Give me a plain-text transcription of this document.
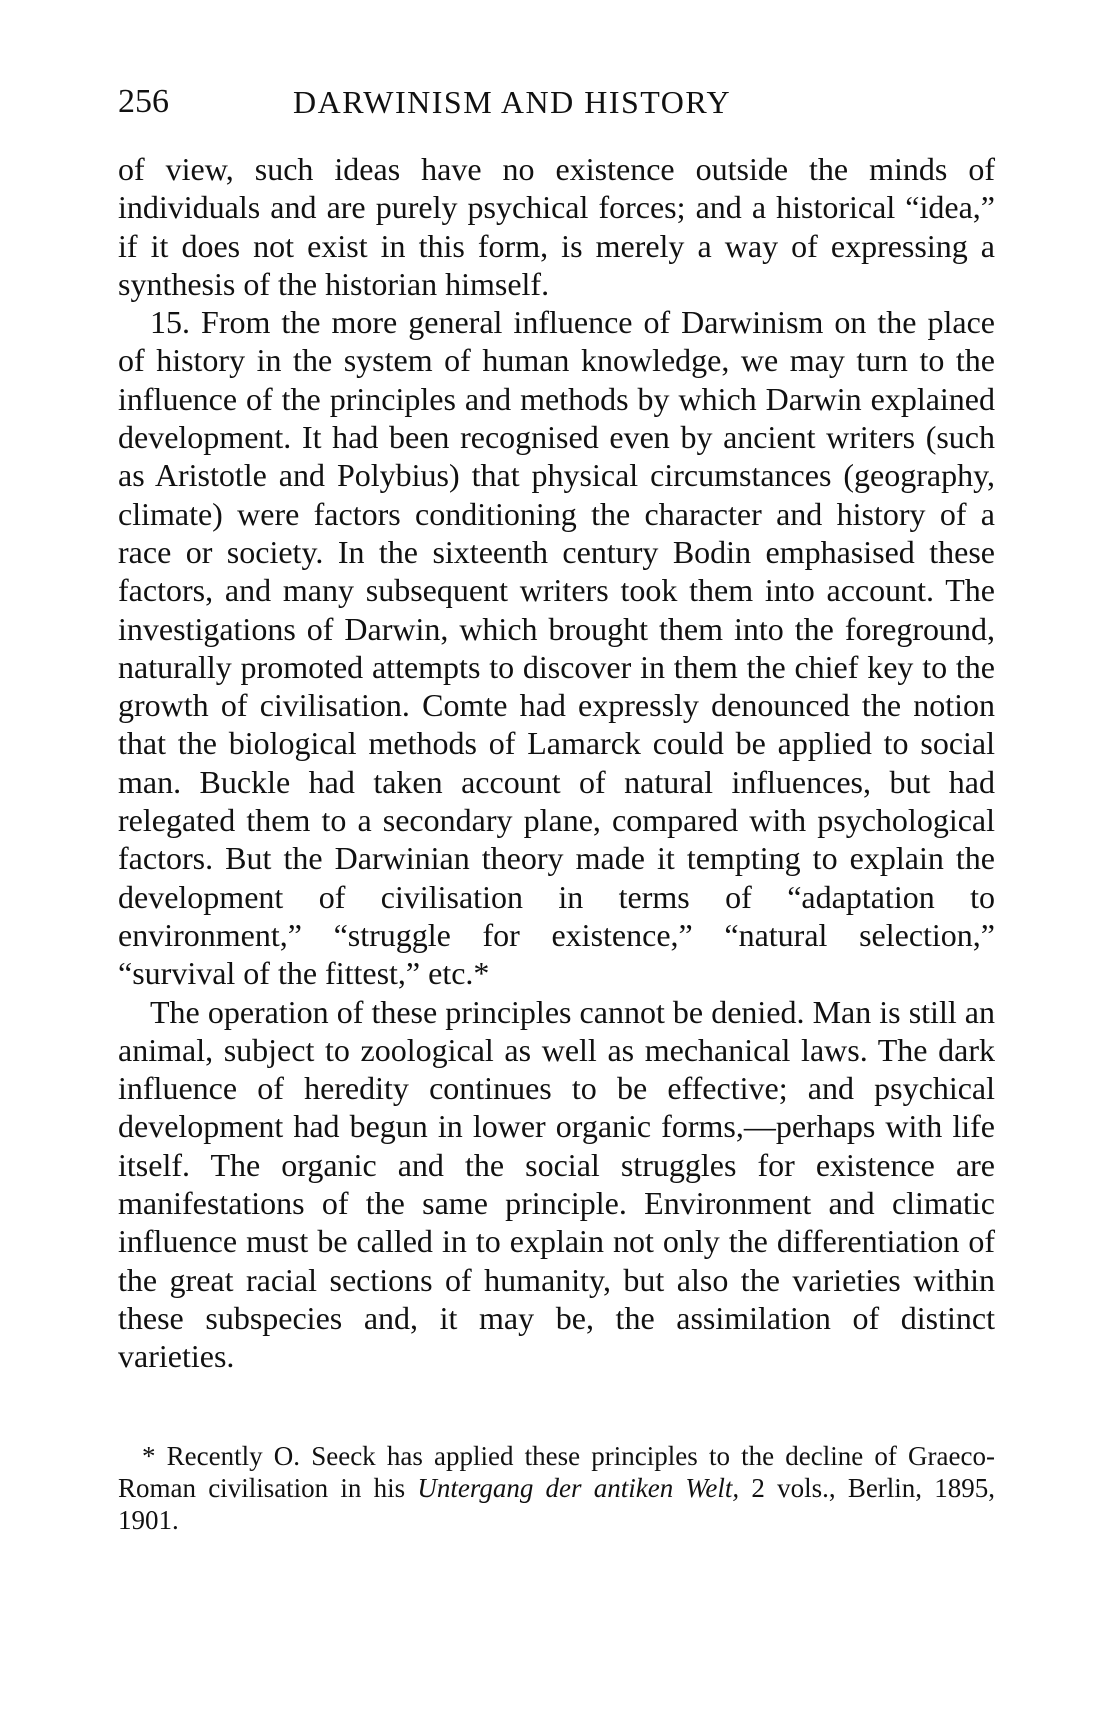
256	DARWINISM AND HISTORY

of view, such ideas have no existence outside the minds of individuals and are purely psychical forces; and a historical “idea,” if it does not exist in this form, is merely a way of expressing a synthesis of the historian himself.

15. From the more general influence of Darwinism on the place of history in the system of human knowledge, we may turn to the influence of the principles and methods by which Darwin explained development. It had been recognised even by ancient writers (such as Aristotle and Polybius) that physical circumstances (geography, climate) were factors conditioning the character and history of a race or society. In the sixteenth century Bodin emphasised these factors, and many subsequent writers took them into account. The investigations of Darwin, which brought them into the foreground, naturally promoted attempts to discover in them the chief key to the growth of civilisation. Comte had expressly denounced the notion that the biological methods of Lamarck could be applied to social man. Buckle had taken account of natural influences, but had relegated them to a secondary plane, compared with psychological factors. But the Darwinian theory made it tempting to explain the development of civilisation in terms of “adaptation to environment,” “struggle for existence,” “natural selection,” “survival of the fittest,” etc.*

The operation of these principles cannot be denied. Man is still an animal, subject to zoological as well as mechanical laws. The dark influence of heredity continues to be effective; and psychical development had begun in lower organic forms,—perhaps with life itself. The organic and the social struggles for existence are manifestations of the same principle. Environment and climatic influence must be called in to explain not only the differentiation of the great racial sections of humanity, but also the varieties within these subspecies and, it may be, the assimilation of distinct varieties.

* Recently O. Seeck has applied these principles to the decline of Graeco-Roman civilisation in his Untergang der antiken Welt, 2 vols., Berlin, 1895, 1901.
